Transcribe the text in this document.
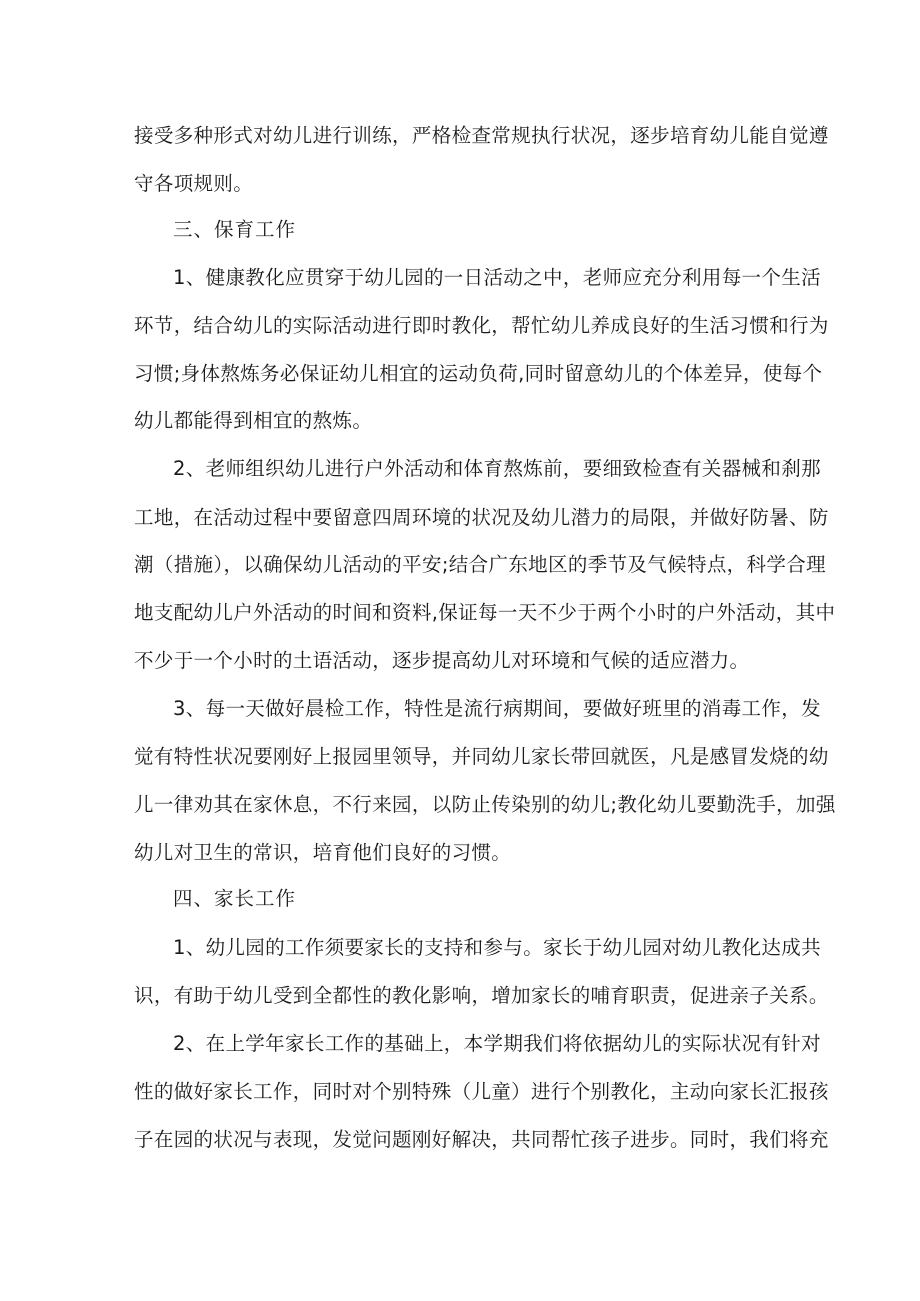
接受多种形式对幼儿进行训练，严格检查常规执行状况，逐步培育幼儿能自觉遵
守各项规则。
三、保育工作
1、健康教化应贯穿于幼儿园的一日活动之中，老师应充分利用每一个生活
环节，结合幼儿的实际活动进行即时教化，帮忙幼儿养成良好的生活习惯和行为
习惯;身体熬炼务必保证幼儿相宜的运动负荷,同时留意幼儿的个体差异，使每个
幼儿都能得到相宜的熬炼。
2、老师组织幼儿进行户外活动和体育熬炼前，要细致检查有关器械和刹那
工地，在活动过程中要留意四周环境的状况及幼儿潜力的局限，并做好防暑、防
潮（措施），以确保幼儿活动的平安;结合广东地区的季节及气候特点，科学合理
地支配幼儿户外活动的时间和资料,保证每一天不少于两个小时的户外活动，其中
不少于一个小时的土语活动，逐步提高幼儿对环境和气候的适应潜力。
3、每一天做好晨检工作，特性是流行病期间，要做好班里的消毒工作，发
觉有特性状况要刚好上报园里领导，并同幼儿家长带回就医，凡是感冒发烧的幼
儿一律劝其在家休息，不行来园，以防止传染别的幼儿;教化幼儿要勤洗手，加强
幼儿对卫生的常识，培育他们良好的习惯。
四、家长工作
1、幼儿园的工作须要家长的支持和参与。家长于幼儿园对幼儿教化达成共
识，有助于幼儿受到全都性的教化影响，增加家长的哺育职责，促进亲子关系。
2、在上学年家长工作的基础上，本学期我们将依据幼儿的实际状况有针对
性的做好家长工作，同时对个别特殊（儿童）进行个别教化，主动向家长汇报孩
子在园的状况与表现，发觉问题刚好解决，共同帮忙孩子进步。同时，我们将充
